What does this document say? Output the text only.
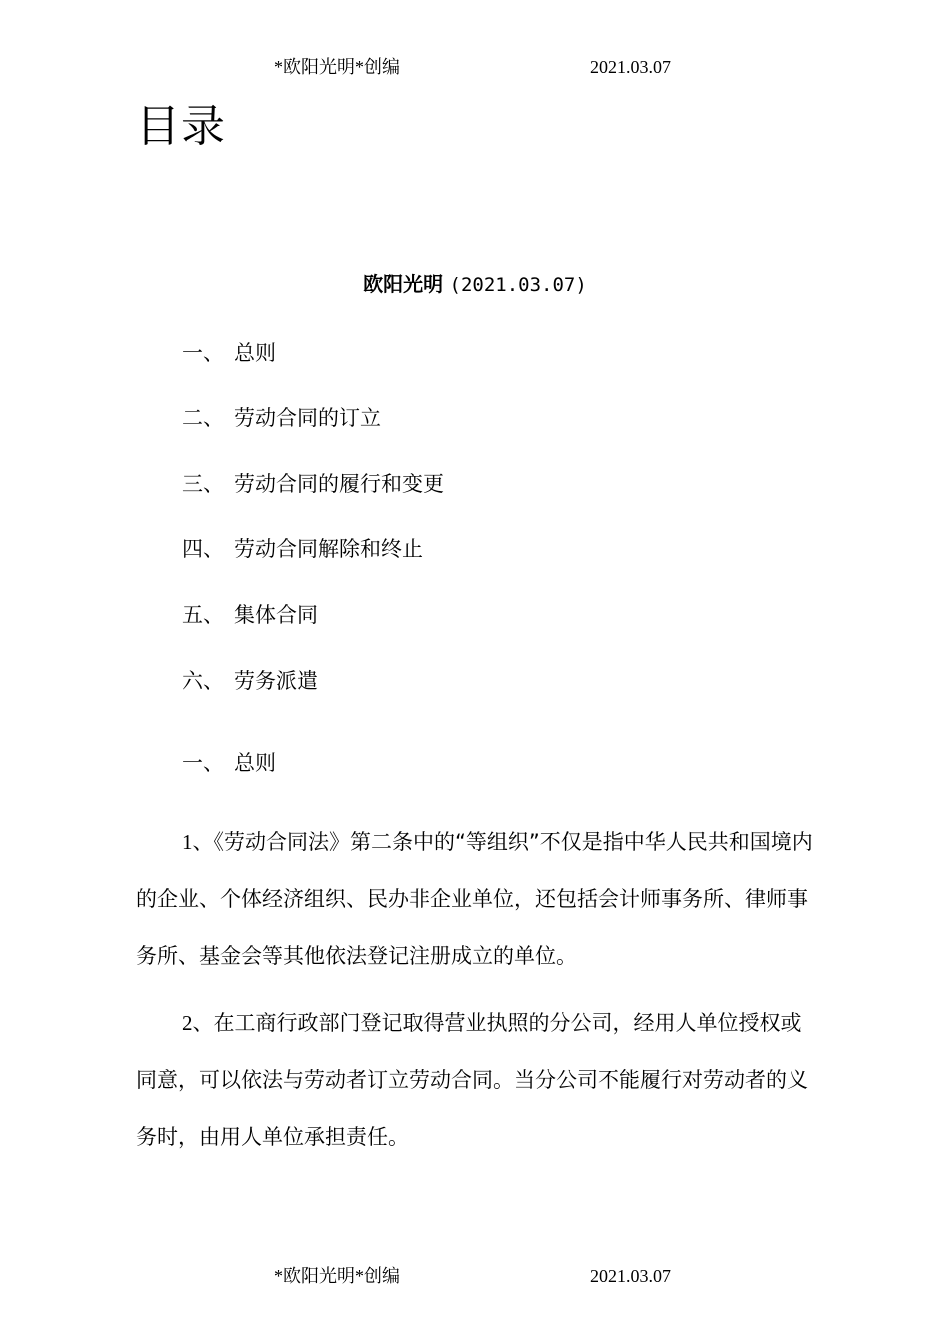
*欧阳光明*创编	2021.03.07
目录
欧阳光明 (2021.03.07)
一、 总则
二、 劳动合同的订立
三、 劳动合同的履行和变更
四、 劳动合同解除和终止
五、 集体合同
六、 劳务派遣
一、 总则

1、《劳动合同法》第二条中的“等组织”不仅是指中华人民共和国境内的企业、个体经济组织、民办非企业单位，还包括会计师事务所、律师事务所、基金会等其他依法登记注册成立的单位。

2、在工商行政部门登记取得营业执照的分公司，经用人单位授权或同意，可以依法与劳动者订立劳动合同。当分公司不能履行对劳动者的义务时，由用人单位承担责任。

*欧阳光明*创编	2021.03.07
